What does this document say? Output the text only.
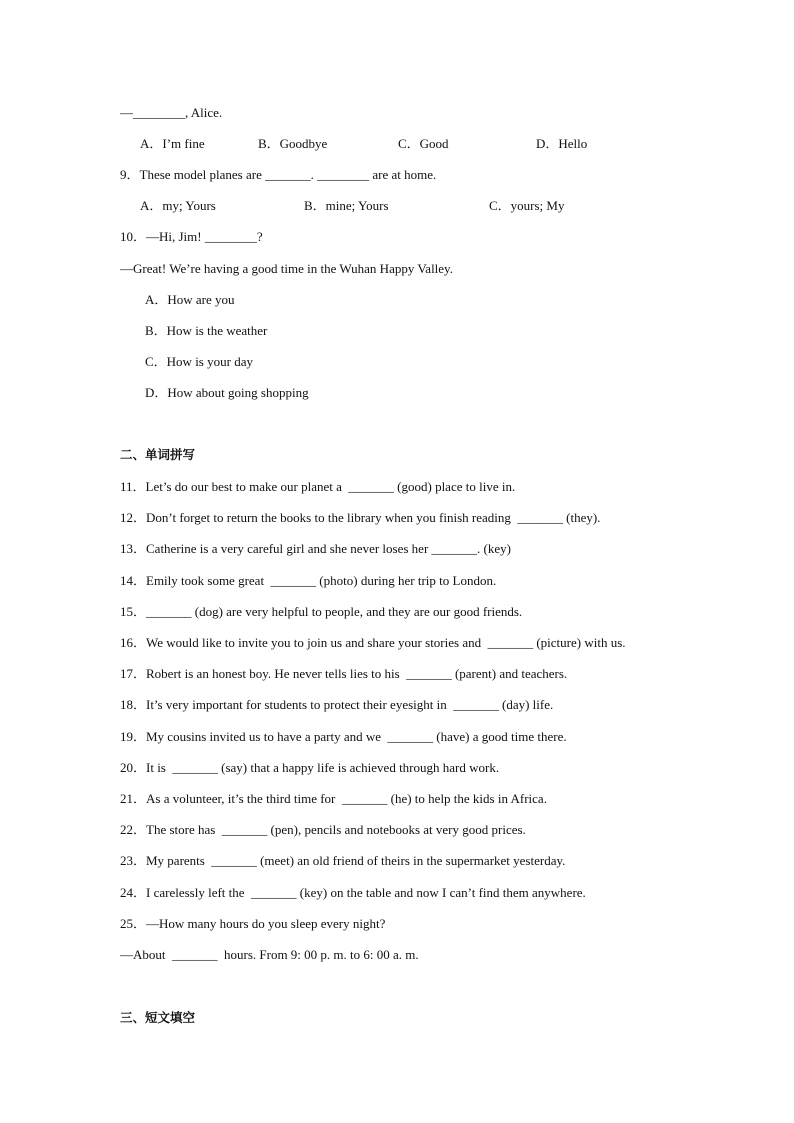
—________, Alice.
A．I’m fine	B．Goodbye	C．Good	D．Hello
9．These model planes are _______. ________ are at home.
A．my; Yours	B．mine; Yours	C．yours; My
10．—Hi, Jim! ________?
—Great! We’re having a good time in the Wuhan Happy Valley.
A．How are you
B．How is the weather
C．How is your day
D．How about going shopping
二、单词拼写
11．Let’s do our best to make our planet a  _______ (good) place to live in.
12．Don’t forget to return the books to the library when you finish reading  _______ (they).
13．Catherine is a very careful girl and she never loses her _______. (key)
14．Emily took some great  _______ (photo) during her trip to London.
15．_______ (dog) are very helpful to people, and they are our good friends.
16．We would like to invite you to join us and share your stories and  _______ (picture) with us.
17．Robert is an honest boy. He never tells lies to his  _______ (parent) and teachers.
18．It’s very important for students to protect their eyesight in  _______ (day) life.
19．My cousins invited us to have a party and we  _______ (have) a good time there.
20．It is  _______ (say) that a happy life is achieved through hard work.
21．As a volunteer, it’s the third time for  _______ (he) to help the kids in Africa.
22．The store has  _______ (pen), pencils and notebooks at very good prices.
23．My parents  _______ (meet) an old friend of theirs in the supermarket yesterday.
24．I carelessly left the  _______ (key) on the table and now I can’t find them anywhere.
25．—How many hours do you sleep every night?
—About  _______  hours. From 9: 00 p. m. to 6: 00 a. m.
三、短文填空
